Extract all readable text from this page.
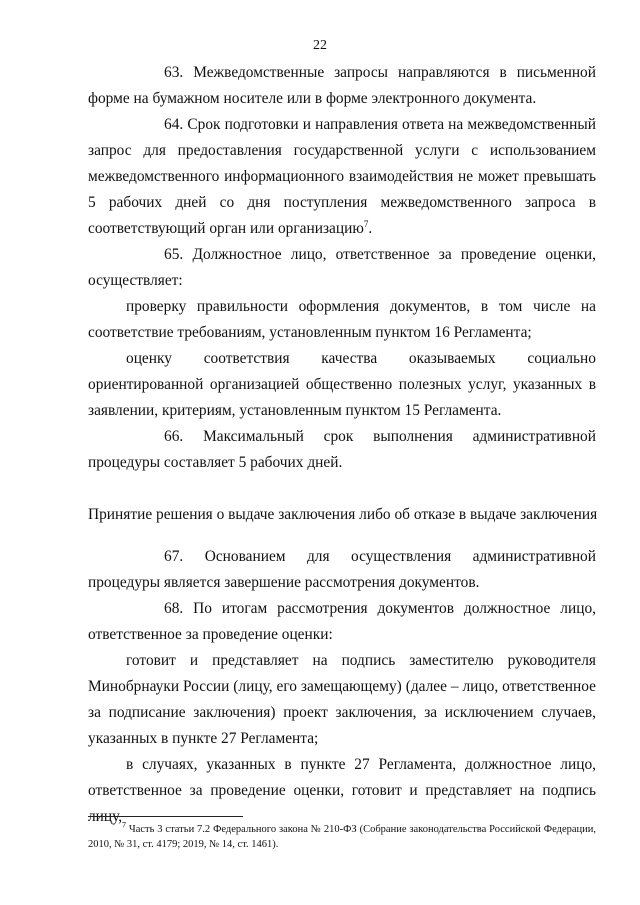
22

63. Межведомственные запросы направляются в письменной форме на бумажном носителе или в форме электронного документа.

64. Срок подготовки и направления ответа на межведомственный запрос для предоставления государственной услуги с использованием межведомственного информационного взаимодействия не может превышать 5 рабочих дней со дня поступления межведомственного запроса в соответствующий орган или организацию$^7$.

65. Должностное лицо, ответственное за проведение оценки, осуществляет:

проверку правильности оформления документов, в том числе на соответствие требованиям, установленным пунктом 16 Регламента;

оценку соответствия качества оказываемых социально ориентированной организацией общественно полезных услуг, указанных в заявлении, критериям, установленным пунктом 15 Регламента.

66. Максимальный срок выполнения административной процедуры составляет 5 рабочих дней.

Принятие решения о выдаче заключения либо об отказе в выдаче заключения

67. Основанием для осуществления административной процедуры является завершение рассмотрения документов.

68. По итогам рассмотрения документов должностное лицо, ответственное за проведение оценки:

готовит и представляет на подпись заместителю руководителя Минобрнауки России (лицу, его замещающему) (далее – лицо, ответственное за подписание заключения) проект заключения, за исключением случаев, указанных в пункте 27 Регламента;

в случаях, указанных в пункте 27 Регламента, должностное лицо, ответственное за проведение оценки, готовит и представляет на подпись лицу, $^7$ Часть 3 статьи 7.2 Федерального закона № 210-ФЗ (Собрание законодательства Российской Федерации, 2010, № 31, ст. 4179; 2019, № 14, ст. 1461).
